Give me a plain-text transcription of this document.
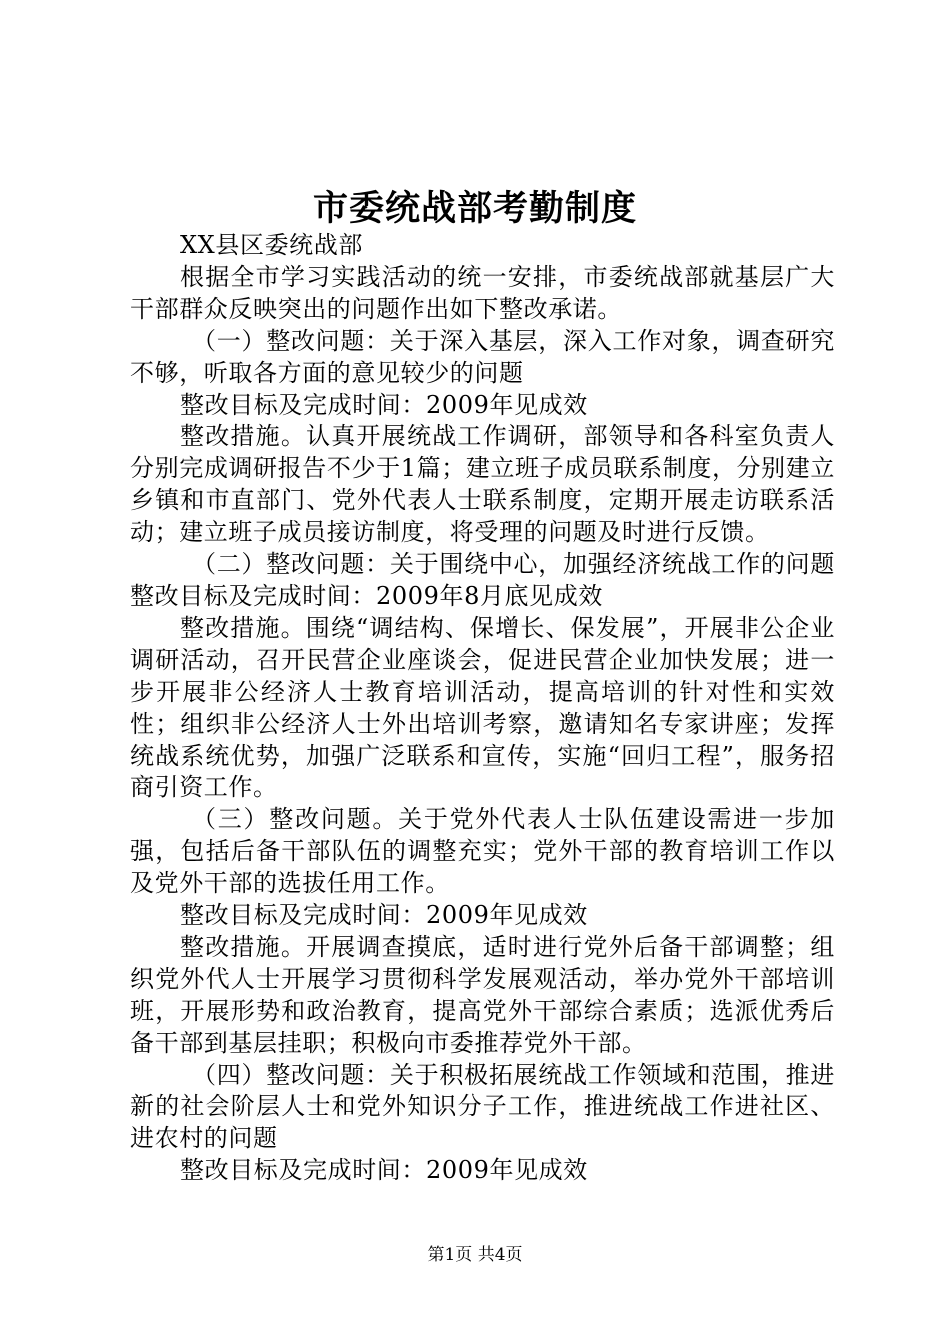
市委统战部考勤制度

XX县区委统战部

根据全市学习实践活动的统一安排，市委统战部就基层广大干部群众反映突出的问题作出如下整改承诺。

（一）整改问题：关于深入基层，深入工作对象，调查研究不够，听取各方面的意见较少的问题

整改目标及完成时间：2009年见成效

整改措施。认真开展统战工作调研，部领导和各科室负责人分别完成调研报告不少于1篇；建立班子成员联系制度，分别建立乡镇和市直部门、党外代表人士联系制度，定期开展走访联系活动；建立班子成员接访制度，将受理的问题及时进行反馈。

（二）整改问题：关于围绕中心，加强经济统战工作的问题整改目标及完成时间：2009年8月底见成效

整改措施。围绕“调结构、保增长、保发展”，开展非公企业调研活动，召开民营企业座谈会，促进民营企业加快发展；进一步开展非公经济人士教育培训活动，提高培训的针对性和实效性；组织非公经济人士外出培训考察，邀请知名专家讲座；发挥统战系统优势，加强广泛联系和宣传，实施“回归工程”，服务招商引资工作。

（三）整改问题。关于党外代表人士队伍建设需进一步加强，包括后备干部队伍的调整充实；党外干部的教育培训工作以及党外干部的选拔任用工作。

整改目标及完成时间：2009年见成效

整改措施。开展调查摸底，适时进行党外后备干部调整；组织党外代人士开展学习贯彻科学发展观活动，举办党外干部培训班，开展形势和政治教育，提高党外干部综合素质；选派优秀后备干部到基层挂职；积极向市委推荐党外干部。

（四）整改问题：关于积极拓展统战工作领域和范围，推进新的社会阶层人士和党外知识分子工作，推进统战工作进社区、进农村的问题

整改目标及完成时间：2009年见成效

第1页 共4页
